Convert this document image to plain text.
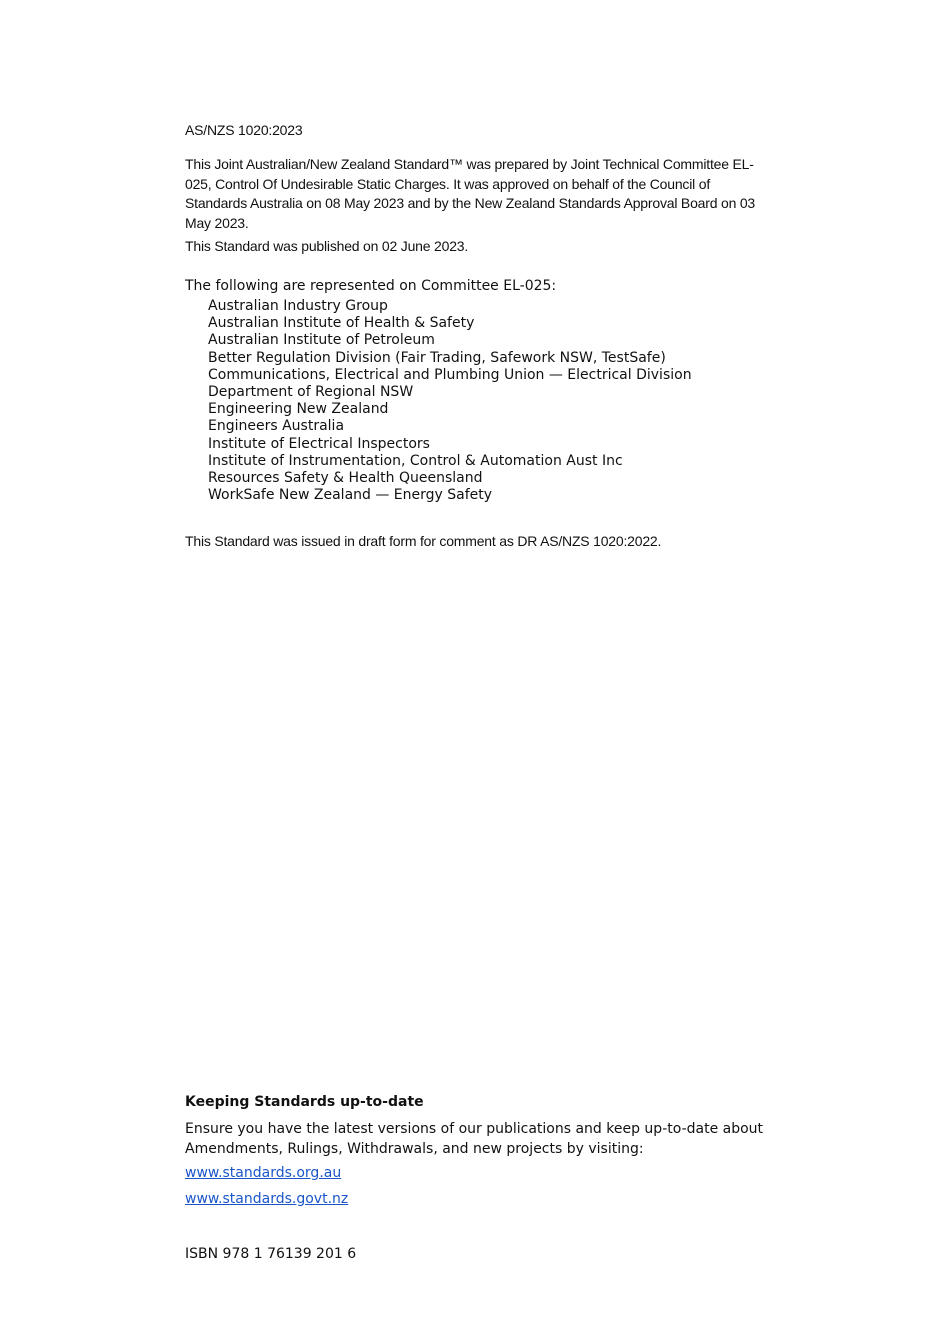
AS/NZS 1020:2023

This Joint Australian/New Zealand Standard™ was prepared by Joint Technical Committee EL-025, Control Of Undesirable Static Charges. It was approved on behalf of the Council of Standards Australia on 08 May 2023 and by the New Zealand Standards Approval Board on 03 May 2023.

This Standard was published on 02 June 2023.

The following are represented on Committee EL-025:

Australian Industry Group
Australian Institute of Health & Safety
Australian Institute of Petroleum
Better Regulation Division (Fair Trading, Safework NSW, TestSafe)
Communications, Electrical and Plumbing Union — Electrical Division
Department of Regional NSW
Engineering New Zealand
Engineers Australia
Institute of Electrical Inspectors
Institute of Instrumentation, Control & Automation Aust Inc
Resources Safety & Health Queensland
WorkSafe New Zealand — Energy Safety

This Standard was issued in draft form for comment as DR AS/NZS 1020:2022.

Keeping Standards up-to-date

Ensure you have the latest versions of our publications and keep up-to-date about Amendments, Rulings, Withdrawals, and new projects by visiting:

www.standards.org.au

www.standards.govt.nz

ISBN 978 1 76139 201 6
